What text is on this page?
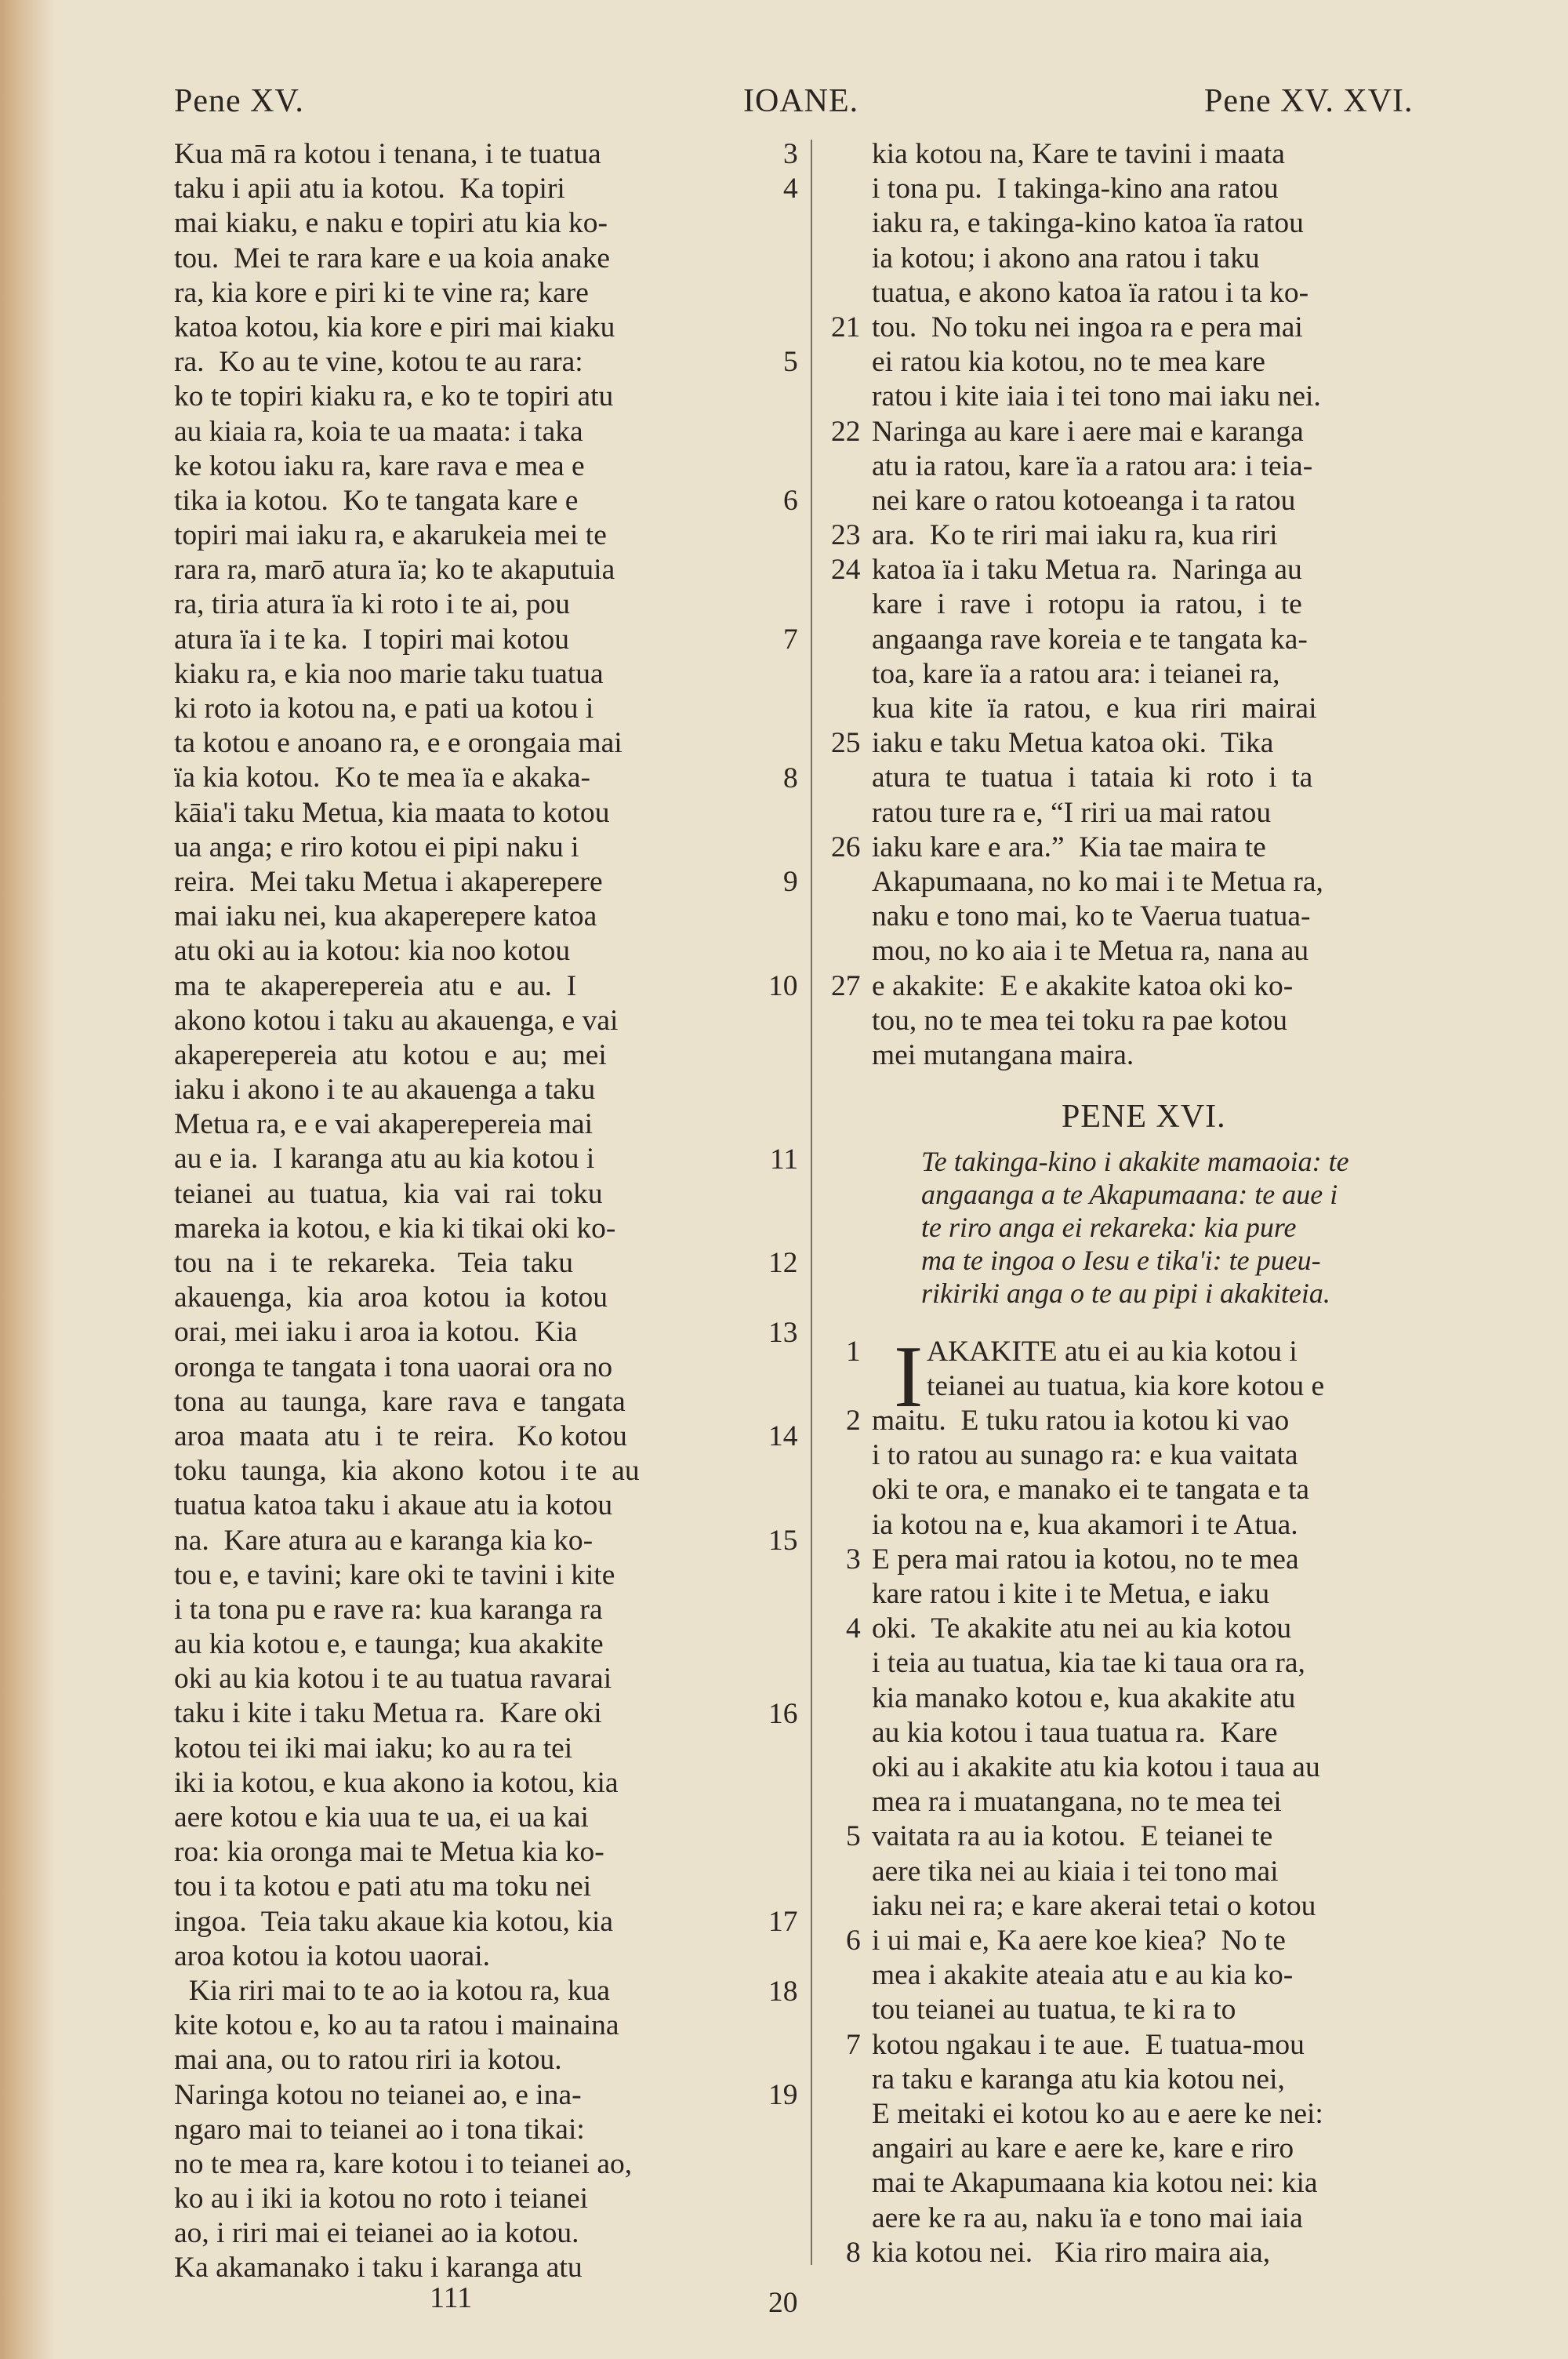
Pene XV.	IOANE.	Pene XV. XVI.
Kua mā ra kotou i tenana, i te tuatua
taku i apii atu ia kotou.  Ka topiri
mai kiaku, e naku e topiri atu kia ko-
tou.  Mei te rara kare e ua koia anake
ra, kia kore e piri ki te vine ra; kare
katoa kotou, kia kore e piri mai kiaku
ra.  Ko au te vine, kotou te au rara:
ko te topiri kiaku ra, e ko te topiri atu
au kiaia ra, koia te ua maata: i taka
ke kotou iaku ra, kare rava e mea e
tika ia kotou.  Ko te tangata kare e
topiri mai iaku ra, e akarukeia mei te
rara ra, marō atura ïa; ko te akaputuia
ra, tiria atura ïa ki roto i te ai, pou
atura ïa i te ka.  I topiri mai kotou
kiaku ra, e kia noo marie taku tuatua
ki roto ia kotou na, e pati ua kotou i
ta kotou e anoano ra, e e orongaia mai
ïa kia kotou.  Ko te mea ïa e akaka-
kāia'i taku Metua, kia maata to kotou
ua anga; e riro kotou ei pipi naku i
reira.  Mei taku Metua i akaperepere
mai iaku nei, kua akaperepere katoa
atu oki au ia kotou: kia noo kotou
ma  te  akaperepereia  atu  e  au.  I
akono kotou i taku au akauenga, e vai
akaperepereia  atu  kotou  e  au;  mei
iaku i akono i te au akauenga a taku
Metua ra, e e vai akaperepereia mai
au e ia.  I karanga atu au kia kotou i
teianei  au  tuatua,  kia  vai  rai  toku
mareka ia kotou, e kia ki tikai oki ko-
tou  na  i  te  rekareka.   Teia  taku
akauenga,  kia  aroa  kotou  ia  kotou
orai, mei iaku i aroa ia kotou.  Kia
oronga te tangata i tona uaorai ora no
tona  au  taunga,  kare  rava  e  tangata
aroa  maata  atu  i  te  reira.   Ko kotou
toku  taunga,  kia  akono  kotou  i te  au
tuatua katoa taku i akaue atu ia kotou
na.  Kare atura au e karanga kia ko-
tou e, e tavini; kare oki te tavini i kite
i ta tona pu e rave ra: kua karanga ra
au kia kotou e, e taunga; kua akakite
oki au kia kotou i te au tuatua ravarai
taku i kite i taku Metua ra.  Kare oki
kotou tei iki mai iaku; ko au ra tei
iki ia kotou, e kua akono ia kotou, kia
aere kotou e kia uua te ua, ei ua kai
roa: kia oronga mai te Metua kia ko-
tou i ta kotou e pati atu ma toku nei
ingoa.  Teia taku akaue kia kotou, kia
aroa kotou ia kotou uaorai.
Kia riri mai to te ao ia kotou ra, kua
kite kotou e, ko au ta ratou i mainaina
mai ana, ou to ratou riri ia kotou.
Naringa kotou no teianei ao, e ina-
ngaro mai to teianei ao i tona tikai:
no te mea ra, kare kotou i to teianei ao,
ko au i iki ia kotou no roto i teianei
ao, i riri mai ei teianei ao ia kotou.
Ka akamanako i taku i karanga atu
3
4
5
6
7
8
9
10
11
12
13
14
15
16
17
18
19
20
kia kotou na, Kare te tavini i maata
i tona pu.  I takinga-kino ana ratou
iaku ra, e takinga-kino katoa ïa ratou
ia kotou; i akono ana ratou i taku
tuatua, e akono katoa ïa ratou i ta ko-
tou.  No toku nei ingoa ra e pera mai
ei ratou kia kotou, no te mea kare
ratou i kite iaia i tei tono mai iaku nei.
Naringa au kare i aere mai e karanga
atu ia ratou, kare ïa a ratou ara: i teia-
nei kare o ratou kotoeanga i ta ratou
ara.  Ko te riri mai iaku ra, kua riri
katoa ïa i taku Metua ra.  Naringa au
kare  i  rave  i  rotopu  ia  ratou,  i  te
angaanga rave koreia e te tangata ka-
toa, kare ïa a ratou ara: i teianei ra,
kua  kite  ïa  ratou,  e  kua  riri  mairai
iaku e taku Metua katoa oki.  Tika
atura  te  tuatua  i  tataia  ki  roto  i  ta
ratou ture ra e, “I riri ua mai ratou
iaku kare e ara.”  Kia tae maira te
Akapumaana, no ko mai i te Metua ra,
naku e tono mai, ko te Vaerua tuatua-
mou, no ko aia i te Metua ra, nana au
e akakite:  E e akakite katoa oki ko-
tou, no te mea tei toku ra pae kotou
mei mutangana maira.
21
22
23
24
25
26
27
PENE XVI.
Te takinga-kino i akakite mamaoia: te
angaanga a te Akapumaana: te aue i
te riro anga ei rekareka: kia pure
ma te ingoa o Iesu e tika'i: te pueu-
rikiriki anga o te au pipi i akakiteia.
I AKAKITE atu ei au kia kotou i
teianei au tuatua, kia kore kotou e
maitu.  E tuku ratou ia kotou ki vao
i to ratou au sunago ra: e kua vaitata
oki te ora, e manako ei te tangata e ta
ia kotou na e, kua akamori i te Atua.
E pera mai ratou ia kotou, no te mea
kare ratou i kite i te Metua, e iaku
oki.  Te akakite atu nei au kia kotou
i teia au tuatua, kia tae ki taua ora ra,
kia manako kotou e, kua akakite atu
au kia kotou i taua tuatua ra.  Kare
oki au i akakite atu kia kotou i taua au
mea ra i muatangana, no te mea tei
vaitata ra au ia kotou.  E teianei te
aere tika nei au kiaia i tei tono mai
iaku nei ra; e kare akerai tetai o kotou
i ui mai e, Ka aere koe kiea?  No te
mea i akakite ateaia atu e au kia ko-
tou teianei au tuatua, te ki ra to
kotou ngakau i te aue.  E tuatua-mou
ra taku e karanga atu kia kotou nei,
E meitaki ei kotou ko au e aere ke nei:
angairi au kare e aere ke, kare e riro
mai te Akapumaana kia kotou nei: kia
aere ke ra au, naku ïa e tono mai iaia
kia kotou nei.   Kia riro maira aia,
1
2
3
4
5
6
7
8
111
